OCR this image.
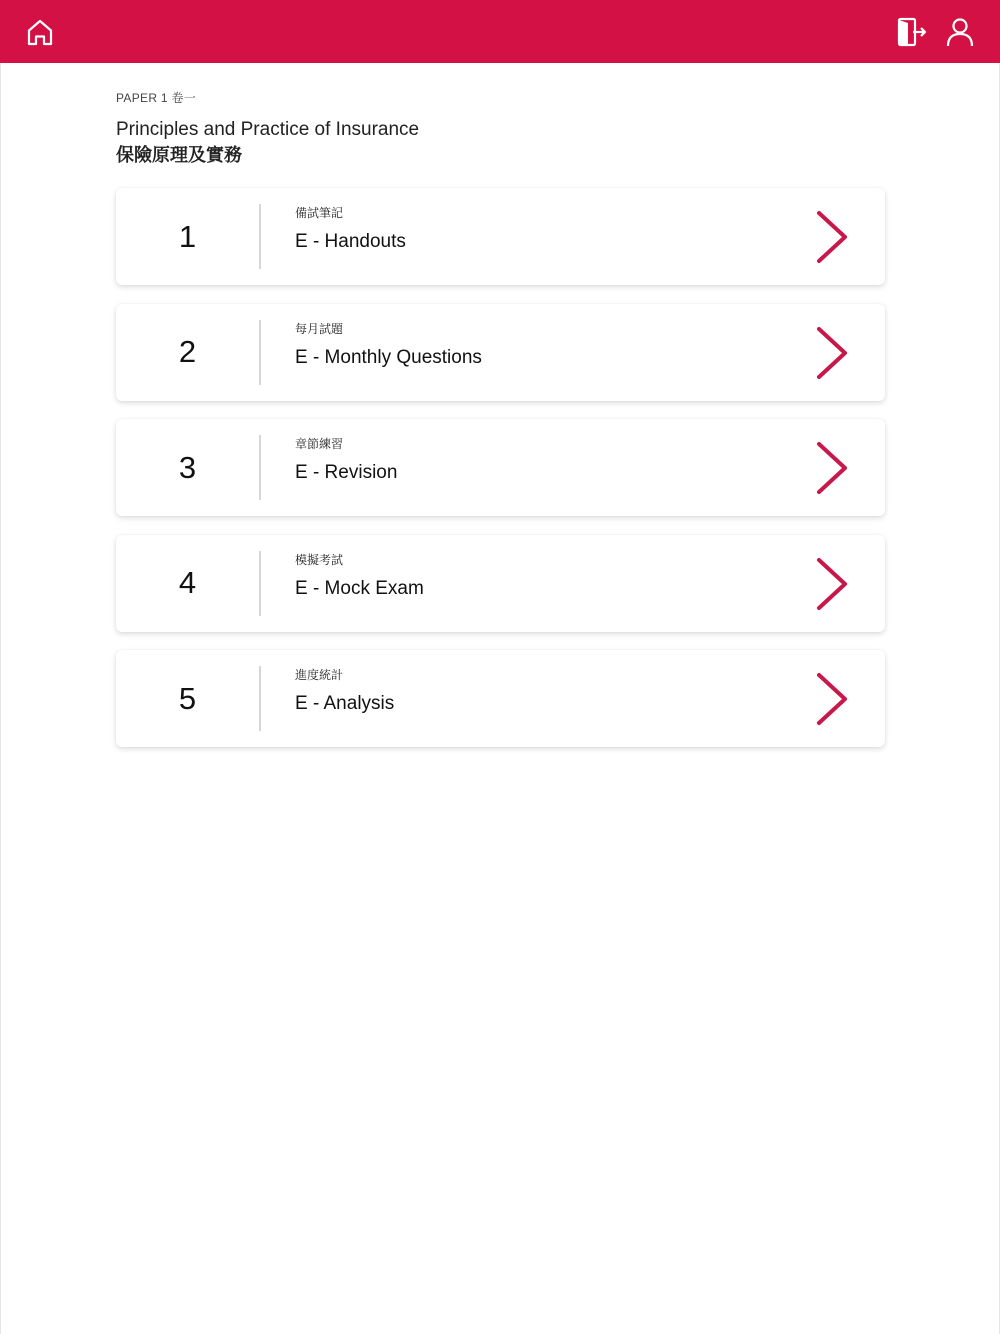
PAPER 1 卷一
Principles and Practice of Insurance
保險原理及實務
1
備試筆記
E - Handouts
2
每月試題
E - Monthly Questions
3
章節練習
E - Revision
4
模擬考試
E - Mock Exam
5
進度統計
E - Analysis
